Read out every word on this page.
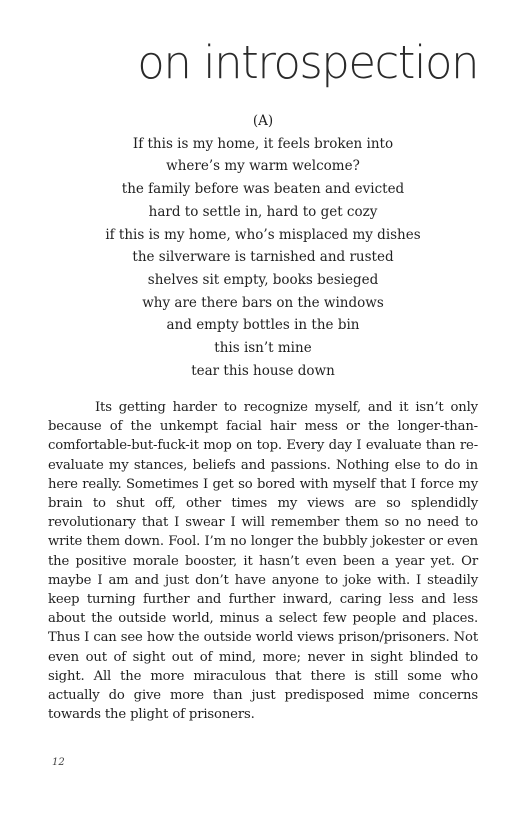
on introspection
(A)
If this is my home, it feels broken into
where’s my warm welcome?
the family before was beaten and evicted
hard to settle in, hard to get cozy
if this is my home, who’s misplaced my dishes
the silverware is tarnished and rusted
shelves sit empty, books besieged
why are there bars on the windows
and empty bottles in the bin
this isn’t mine
tear this house down

Its getting harder to recognize myself, and it isn’t only because of the unkempt facial hair mess or the longer-than-comfortable-but-fuck-it mop on top. Every day I evaluate than re-evaluate my stances, beliefs and passions. Nothing else to do in here really. Sometimes I get so bored with myself that I force my brain to shut off, other times my views are so splendidly revolutionary that I swear I will remember them so no need to write them down. Fool. I’m no longer the bubbly jokester or even the positive morale booster, it hasn’t even been a year yet. Or maybe I am and just don’t have anyone to joke with. I steadily keep turning further and further inward, caring less and less about the outside world, minus a select few people and places. Thus I can see how the outside world views prison/prisoners. Not even out of sight out of mind, more; never in sight blinded to sight. All the more miraculous that there is still some who actually do give more than just predisposed mime concerns towards the plight of prisoners.

12
